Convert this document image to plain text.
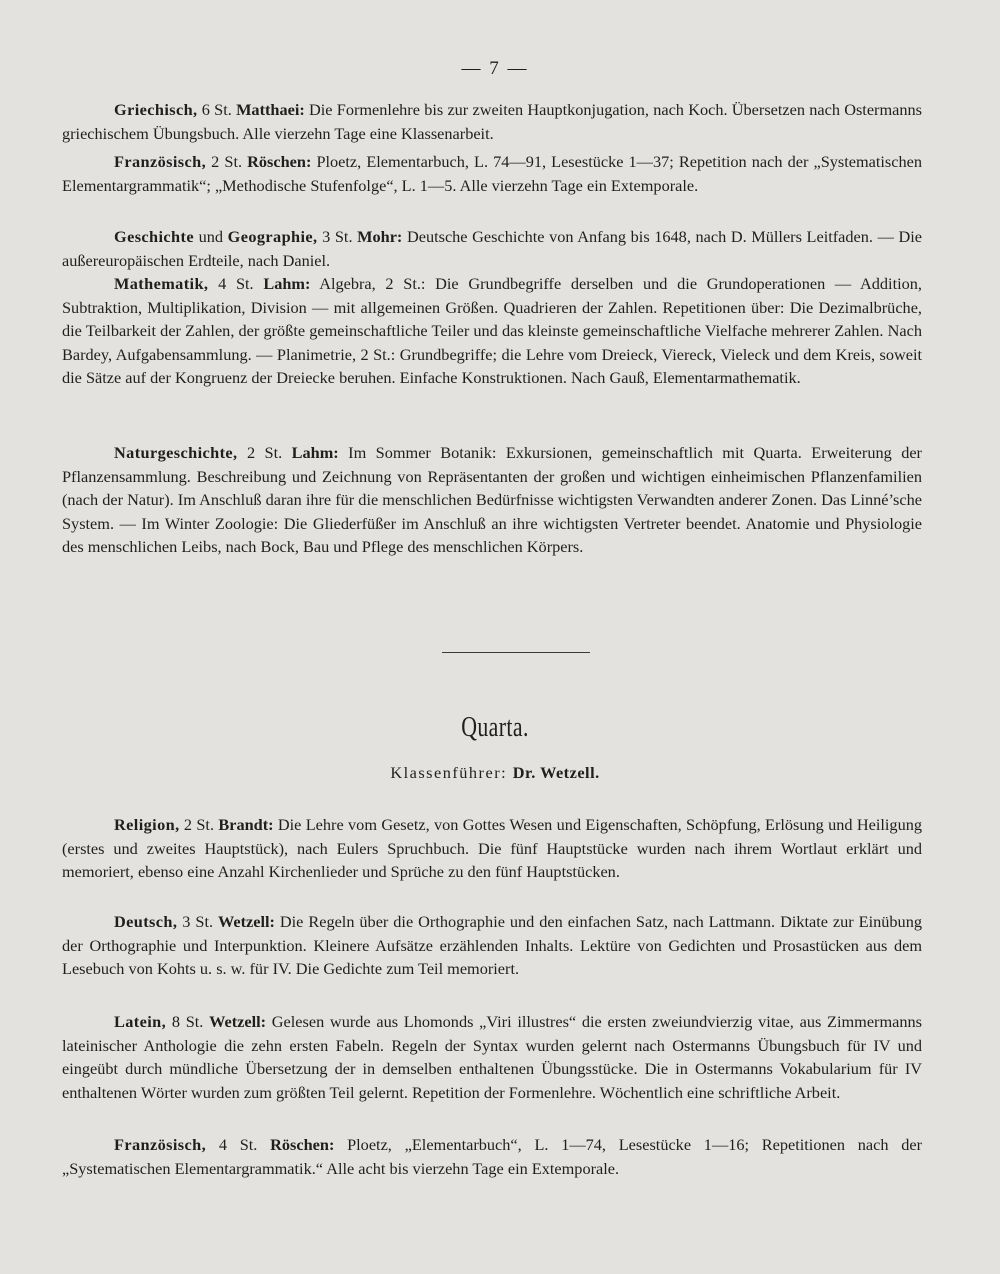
— 7 —
Griechisch, 6 St. Matthaei: Die Formenlehre bis zur zweiten Hauptkonjugation, nach Koch. Übersetzen nach Ostermanns griechischem Übungsbuch. Alle vierzehn Tage eine Klassenarbeit.
Französisch, 2 St. Röschen: Ploetz, Elementarbuch, L. 74—91, Lesestücke 1—37; Repetition nach der „Systematischen Elementargrammatik“; „Methodische Stufenfolge“, L. 1—5. Alle vierzehn Tage ein Extemporale.
Geschichte und Geographie, 3 St. Mohr: Deutsche Geschichte von Anfang bis 1648, nach D. Müllers Leitfaden. — Die außereuropäischen Erdteile, nach Daniel.
Mathematik, 4 St. Lahm: Algebra, 2 St.: Die Grundbegriffe derselben und die Grundoperationen — Addition, Subtraktion, Multiplikation, Division — mit allgemeinen Größen. Quadrieren der Zahlen. Repetitionen über: Die Dezimalbrüche, die Teilbarkeit der Zahlen, der größte gemeinschaftliche Teiler und das kleinste gemeinschaftliche Vielfache mehrerer Zahlen. Nach Bardey, Aufgabensammlung. — Planimetrie, 2 St.: Grundbegriffe; die Lehre vom Dreieck, Viereck, Vieleck und dem Kreis, soweit die Sätze auf der Kongruenz der Dreiecke beruhen. Einfache Konstruktionen. Nach Gauß, Elementarmathematik.
Naturgeschichte, 2 St. Lahm: Im Sommer Botanik: Exkursionen, gemeinschaftlich mit Quarta. Erweiterung der Pflanzensammlung. Beschreibung und Zeichnung von Repräsentanten der großen und wichtigen einheimischen Pflanzenfamilien (nach der Natur). Im Anschluß daran ihre für die menschlichen Bedürfnisse wichtigsten Verwandten anderer Zonen. Das Linné’sche System. — Im Winter Zoologie: Die Gliederfüßer im Anschluß an ihre wichtigsten Vertreter beendet. Anatomie und Physiologie des menschlichen Leibs, nach Bock, Bau und Pflege des menschlichen Körpers.
Quarta.
Klassenführer: Dr. Wetzell.
Religion, 2 St. Brandt: Die Lehre vom Gesetz, von Gottes Wesen und Eigenschaften, Schöpfung, Erlösung und Heiligung (erstes und zweites Hauptstück), nach Eulers Spruchbuch. Die fünf Hauptstücke wurden nach ihrem Wortlaut erklärt und memoriert, ebenso eine Anzahl Kirchenlieder und Sprüche zu den fünf Hauptstücken.
Deutsch, 3 St. Wetzell: Die Regeln über die Orthographie und den einfachen Satz, nach Lattmann. Diktate zur Einübung der Orthographie und Interpunktion. Kleinere Aufsätze erzählenden Inhalts. Lektüre von Gedichten und Prosastücken aus dem Lesebuch von Kohts u. s. w. für IV. Die Gedichte zum Teil memoriert.
Latein, 8 St. Wetzell: Gelesen wurde aus Lhomonds „Viri illustres“ die ersten zweiundvierzig vitae, aus Zimmermanns lateinischer Anthologie die zehn ersten Fabeln. Regeln der Syntax wurden gelernt nach Ostermanns Übungsbuch für IV und eingeübt durch mündliche Übersetzung der in demselben enthaltenen Übungsstücke. Die in Ostermanns Vokabularium für IV enthaltenen Wörter wurden zum größten Teil gelernt. Repetition der Formenlehre. Wöchentlich eine schriftliche Arbeit.
Französisch, 4 St. Röschen: Ploetz, „Elementarbuch“, L. 1—74, Lesestücke 1—16; Repetitionen nach der „Systematischen Elementargrammatik.“ Alle acht bis vierzehn Tage ein Extemporale.
